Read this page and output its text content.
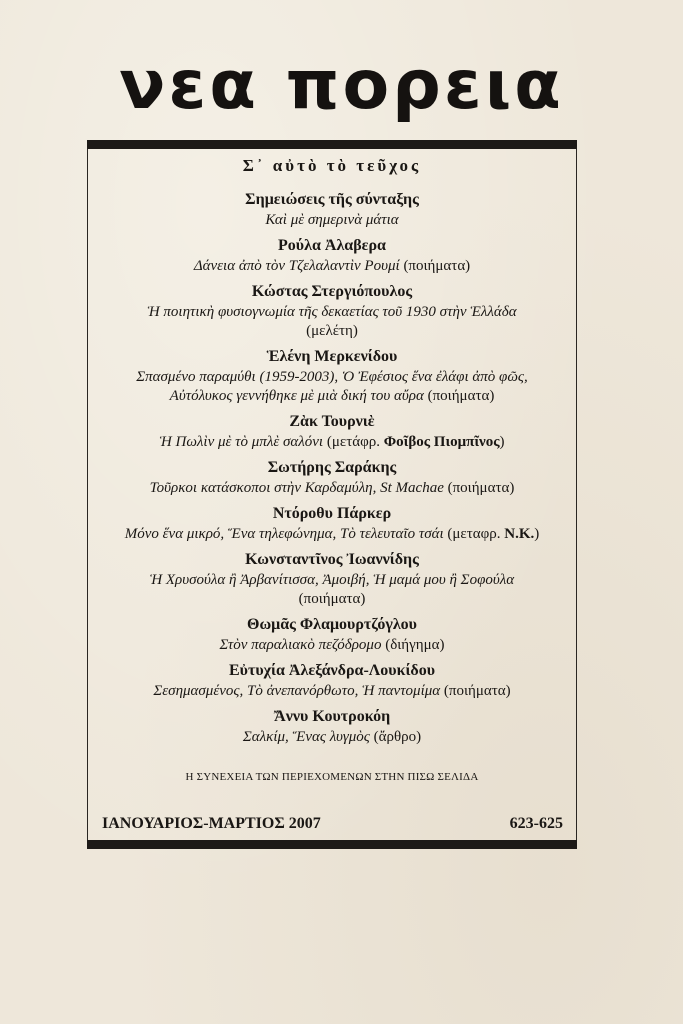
νεα πορεια
Σ᾽ αὐτὸ τὸ τεῦχος
Σημειώσεις τῆς σύνταξης
Καὶ μὲ σημερινὰ μάτια
Ρούλα Ἀλαβερα
Δάνεια ἀπὸ τὸν Τζελαλαντὶν Ρουμί (ποιήματα)
Κώστας Στεργιόπουλος
Ἡ ποιητικὴ φυσιογνωμία τῆς δεκαετίας τοῦ 1930 στὴν Ἑλλάδα
(μελέτη)
Ἑλένη Μερκενίδου
Σπασμένο παραμύθι (1959-2003), Ὁ Ἐφέσιος ἕνα ἐλάφι ἀπὸ φῶς,
Αὐτόλυκος γεννήθηκε μὲ μιὰ δική του αὔρα (ποιήματα)
Ζὰκ Τουρνιὲ
Ἡ Πωλὶν μὲ τὸ μπλὲ σαλόνι (μετάφρ. Φοῖβος Πιομπῖνος)
Σωτήρης Σαράκης
Τοῦρκοι κατάσκοποι στὴν Καρδαμύλη, St Machae (ποιήματα)
Ντόροθυ Πάρκερ
Μόνο ἕνα μικρό, Ἕνα τηλεφώνημα, Τὸ τελευταῖο τσάι (μεταφρ. Ν.Κ.)
Κωνσταντῖνος Ἰωαννίδης
Ἡ Χρυσούλα ἢ Ἀρβανίτισσα, Ἀμοιβή, Ἡ μαμά μου ἢ Σοφούλα
(ποιήματα)
Θωμᾶς Φλαμουρτζόγλου
Στὸν παραλιακὸ πεζόδρομο (διήγημα)
Εὐτυχία Ἀλεξάνδρα-Λουκίδου
Σεσημασμένος, Τὸ ἀνεπανόρθωτο, Ἡ παντομίμα (ποιήματα)
Ἄννυ Κουτροκόη
Σαλκίμ, Ἕνας λυγμὸς (ἄρθρο)
Η ΣΥΝΕΧΕΙΑ ΤΩΝ ΠΕΡΙΕΧΟΜΕΝΩΝ ΣΤΗΝ ΠΙΣΩ ΣΕΛΙΔΑ
ΙΑΝΟΥΑΡΙΟΣ-ΜΑΡΤΙΟΣ 2007	623-625
